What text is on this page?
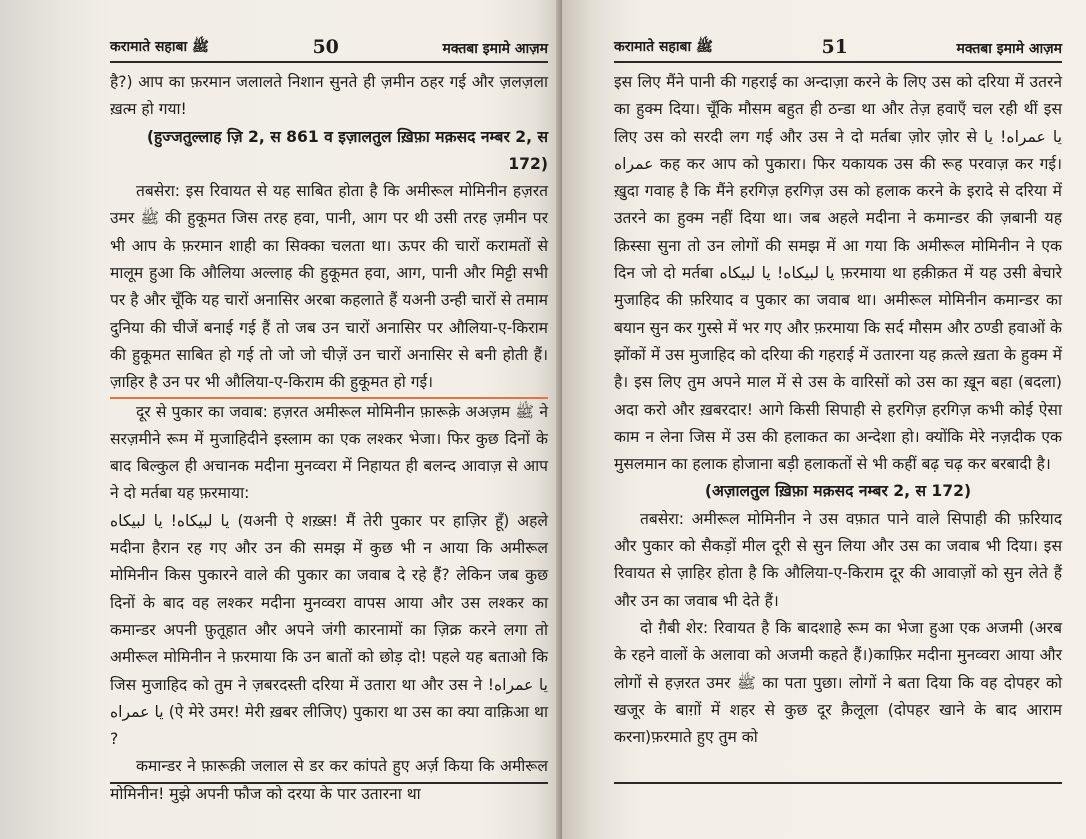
करामाते सहाबा ﷺ	50	मक्तबा इमामे आज़म

है?) आप का फ़रमान जलालते निशान सुनते ही ज़मीन ठहर गई और ज़लज़ला ख़त्म हो गया!

(हुज्जतुल्लाह ज़ि 2, स 861 व इज़ालतुल ख़िफ़ा मक़सद नम्बर 2, स 172)

तबसेरा: इस रिवायत से यह साबित होता है कि अमीरूल मोमिनीन हज़रत उमर ﷺ की हुकूमत जिस तरह हवा, पानी, आग पर थी उसी तरह ज़मीन पर भी आप के फ़रमान शाही का सिक्का चलता था। ऊपर की चारों करामतों से मालूम हुआ कि औलिया अल्लाह की हुकूमत हवा, आग, पानी और मिट्टी सभी पर है और चूँकि यह चारों अनासिर अरबा कहलाते हैं यअनी उन्ही चारों से तमाम दुनिया की चीजें बनाई गई हैं तो जब उन चारों अनासिर पर औलिया-ए-किराम की हुकूमत साबित हो गई तो जो जो चीज़ें उन चारों अनासिर से बनी होती हैं। ज़ाहिर है उन पर भी औलिया-ए-किराम की हुकूमत हो गई।

दूर से पुकार का जवाब: हज़रत अमीरूल मोमिनीन फ़ारूक़े अअज़म ﷺ ने सरज़मीने रूम में मुजाहिदीने इस्लाम का एक लश्कर भेजा। फिर कुछ दिनों के बाद बिल्कुल ही अचानक मदीना मुनव्वरा में निहायत ही बलन्द आवाज़ से आप ने दो मर्तबा यह फ़रमाया:

يا لبيكاه! يا لبيكاه (यअनी ऐ शख़्स! मैं तेरी पुकार पर हाज़िर हूँ) अहले मदीना हैरान रह गए और उन की समझ में कुछ भी न आया कि अमीरूल मोमिनीन किस पुकारने वाले की पुकार का जवाब दे रहे हैं? लेकिन जब कुछ दिनों के बाद वह लश्कर मदीना मुनव्वरा वापस आया और उस लश्कर का कमान्डर अपनी फ़ुतूहात और अपने जंगी कारनामों का ज़िक्र करने लगा तो अमीरूल मोमिनीन ने फ़रमाया कि उन बातों को छोड़ दो! पहले यह बताओ कि जिस मुजाहिद को तुम ने ज़बरदस्ती दरिया में उतारा था और उस ने يا عمراه! يا عمراه (ऐ मेरे उमर! मेरी ख़बर लीजिए) पुकारा था उस का क्या वाक़िआ था ?

कमान्डर ने फ़ारूक़ी जलाल से डर कर कांपते हुए अर्ज़ किया कि अमीरूल मोमिनीन! मुझे अपनी फौज को दरया के पार उतारना था

करामाते सहाबा ﷺ	51	मक्तबा इमामे आज़म

इस लिए मैंने पानी की गहराई का अन्दाज़ा करने के लिए उस को दरिया में उतरने का हुक्म दिया। चूँकि मौसम बहुत ही ठन्डा था और तेज़ हवाएँ चल रही थीं इस लिए उस को सरदी लग गई और उस ने दो मर्तबा ज़ोर ज़ोर से يا عمراه! يا عمراه कह कर आप को पुकारा। फिर यकायक उस की रूह परवाज़ कर गई। ख़ुदा गवाह है कि मैंने हरगिज़ हरगिज़ उस को हलाक करने के इरादे से दरिया में उतरने का हुक्म नहीं दिया था। जब अहले मदीना ने कमान्डर की ज़बानी यह क़िस्सा सुना तो उन लोगों की समझ में आ गया कि अमीरूल मोमिनीन ने एक दिन जो दो मर्तबा يا لبيكاه! يا لبيكاه फ़रमाया था हक़ीक़त में यह उसी बेचारे मुजाहिद की फ़रियाद व पुकार का जवाब था। अमीरूल मोमिनीन कमान्डर का बयान सुन कर गुस्से में भर गए और फ़रमाया कि सर्द मौसम और ठण्डी हवाओं के झोंकों में उस मुजाहिद को दरिया की गहराई में उतारना यह क़त्ले ख़ता के हुक्म में है। इस लिए तुम अपने माल में से उस के वारिसों को उस का ख़ून बहा (बदला) अदा करो और ख़बरदार! आगे किसी सिपाही से हरगिज़ हरगिज़ कभी कोई ऐसा काम न लेना जिस में उस की हलाकत का अन्देशा हो। क्योंकि मेरे नज़दीक एक मुसलमान का हलाक होजाना बड़ी हलाकतों से भी कहीं बढ़ चढ़ कर बरबादी है।

(अज़ालतुल ख़िफ़ा मक़सद नम्बर 2, स 172)

तबसेरा: अमीरूल मोमिनीन ने उस वफ़ात पाने वाले सिपाही की फ़रियाद और पुकार को सैकड़ों मील दूरी से सुन लिया और उस का जवाब भी दिया। इस रिवायत से ज़ाहिर होता है कि औलिया-ए-किराम दूर की आवाज़ों को सुन लेते हैं और उन का जवाब भी देते हैं।

दो ग़ैबी शेर: रिवायत है कि बादशाहे रूम का भेजा हुआ एक अजमी (अरब के रहने वालों के अलावा को अजमी कहते हैं।)काफ़िर मदीना मुनव्वरा आया और लोगों से हज़रत उमर ﷺ का पता पुछा। लोगों ने बता दिया कि वह दोपहर को खजूर के बाग़ों में शहर से कुछ दूर क़ैलूला (दोपहर खाने के बाद आराम करना)फ़रमाते हुए तुम को
